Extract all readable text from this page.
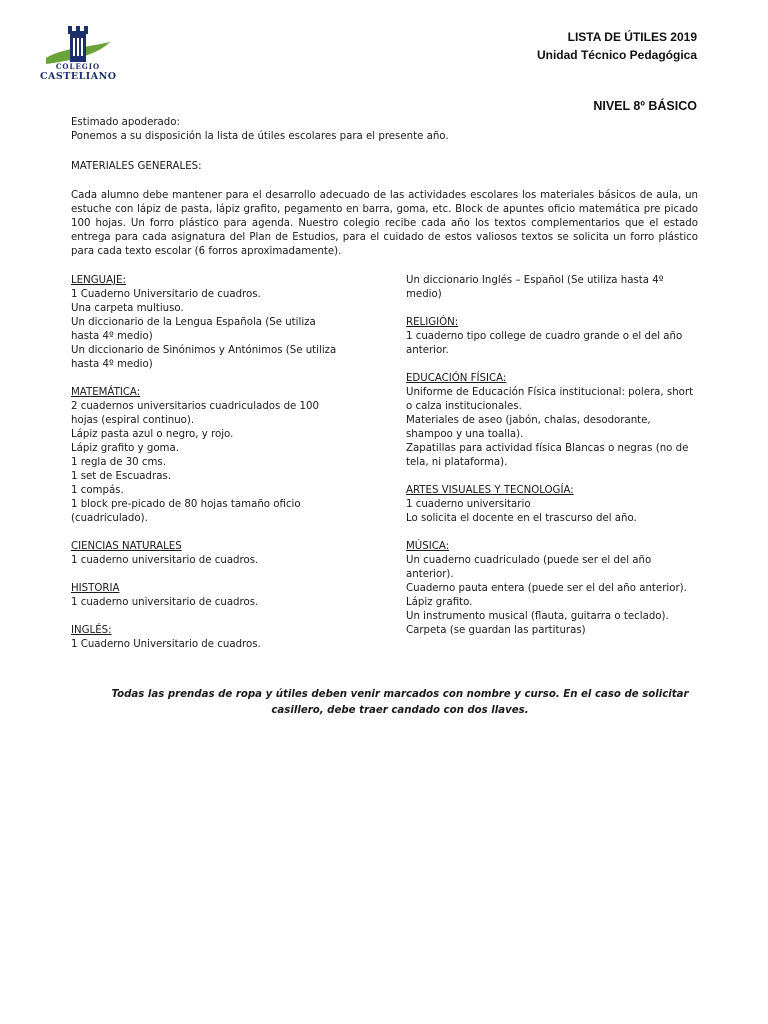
COLEGIO
CASTELIANO
LISTA DE ÚTILES 2019
Unidad Técnico Pedagógica
NIVEL 8º BÁSICO
Estimado apoderado:
Ponemos a su disposición la lista de útiles escolares para el presente año.
MATERIALES GENERALES:
Cada alumno debe mantener para el desarrollo adecuado de las actividades escolares los materiales básicos de aula, un estuche con lápiz de pasta, lápiz grafito, pegamento en barra, goma, etc. Block de apuntes oficio matemática pre picado 100 hojas. Un forro plástico para agenda. Nuestro colegio recibe cada año los textos complementarios que el estado entrega para cada asignatura del Plan de Estudios, para el cuidado de estos valiosos textos se solicita un forro plástico para cada texto escolar (6 forros aproximadamente).
LENGUAJE:
1 Cuaderno Universitario de cuadros.
Una carpeta multiuso.
Un diccionario de la Lengua Española (Se utiliza hasta 4º medio)
Un diccionario de Sinónimos y Antónimos (Se utiliza hasta 4º medio)
MATEMÁTICA:
2 cuadernos universitarios cuadriculados de 100 hojas (espiral continuo).
Lápiz pasta azul o negro, y rojo.
Lápiz grafito y goma.
1 regla de 30 cms.
1 set de Escuadras.
1 compás.
1 block pre-picado de 80 hojas tamaño oficio (cuadriculado).
CIENCIAS NATURALES
1 cuaderno universitario de cuadros.
HISTORIA
1 cuaderno universitario de cuadros.
INGLÉS:
1 Cuaderno Universitario de cuadros.
Un diccionario Inglés – Español (Se utiliza hasta 4º medio)
RELIGIÓN:
1 cuaderno tipo college de cuadro grande o el del año anterior.
EDUCACIÓN FÍSICA:
Uniforme de Educación Física institucional: polera, short o calza institucionales.
Materiales de aseo (jabón, chalas, desodorante, shampoo y una toalla).
Zapatillas para actividad física Blancas o negras (no de tela, ni plataforma).
ARTES VISUALES Y TECNOLOGÍA:
1 cuaderno universitario
Lo solicita el docente en el trascurso del año.
MÚSICA:
Un cuaderno cuadriculado (puede ser el del año anterior).
Cuaderno pauta entera (puede ser el del año anterior). Lápiz grafito.
Un instrumento musical (flauta, guitarra o teclado).
Carpeta (se guardan las partituras)
Todas las prendas de ropa y útiles deben venir marcados con nombre y curso. En el caso de solicitar casillero, debe traer candado con dos llaves.
